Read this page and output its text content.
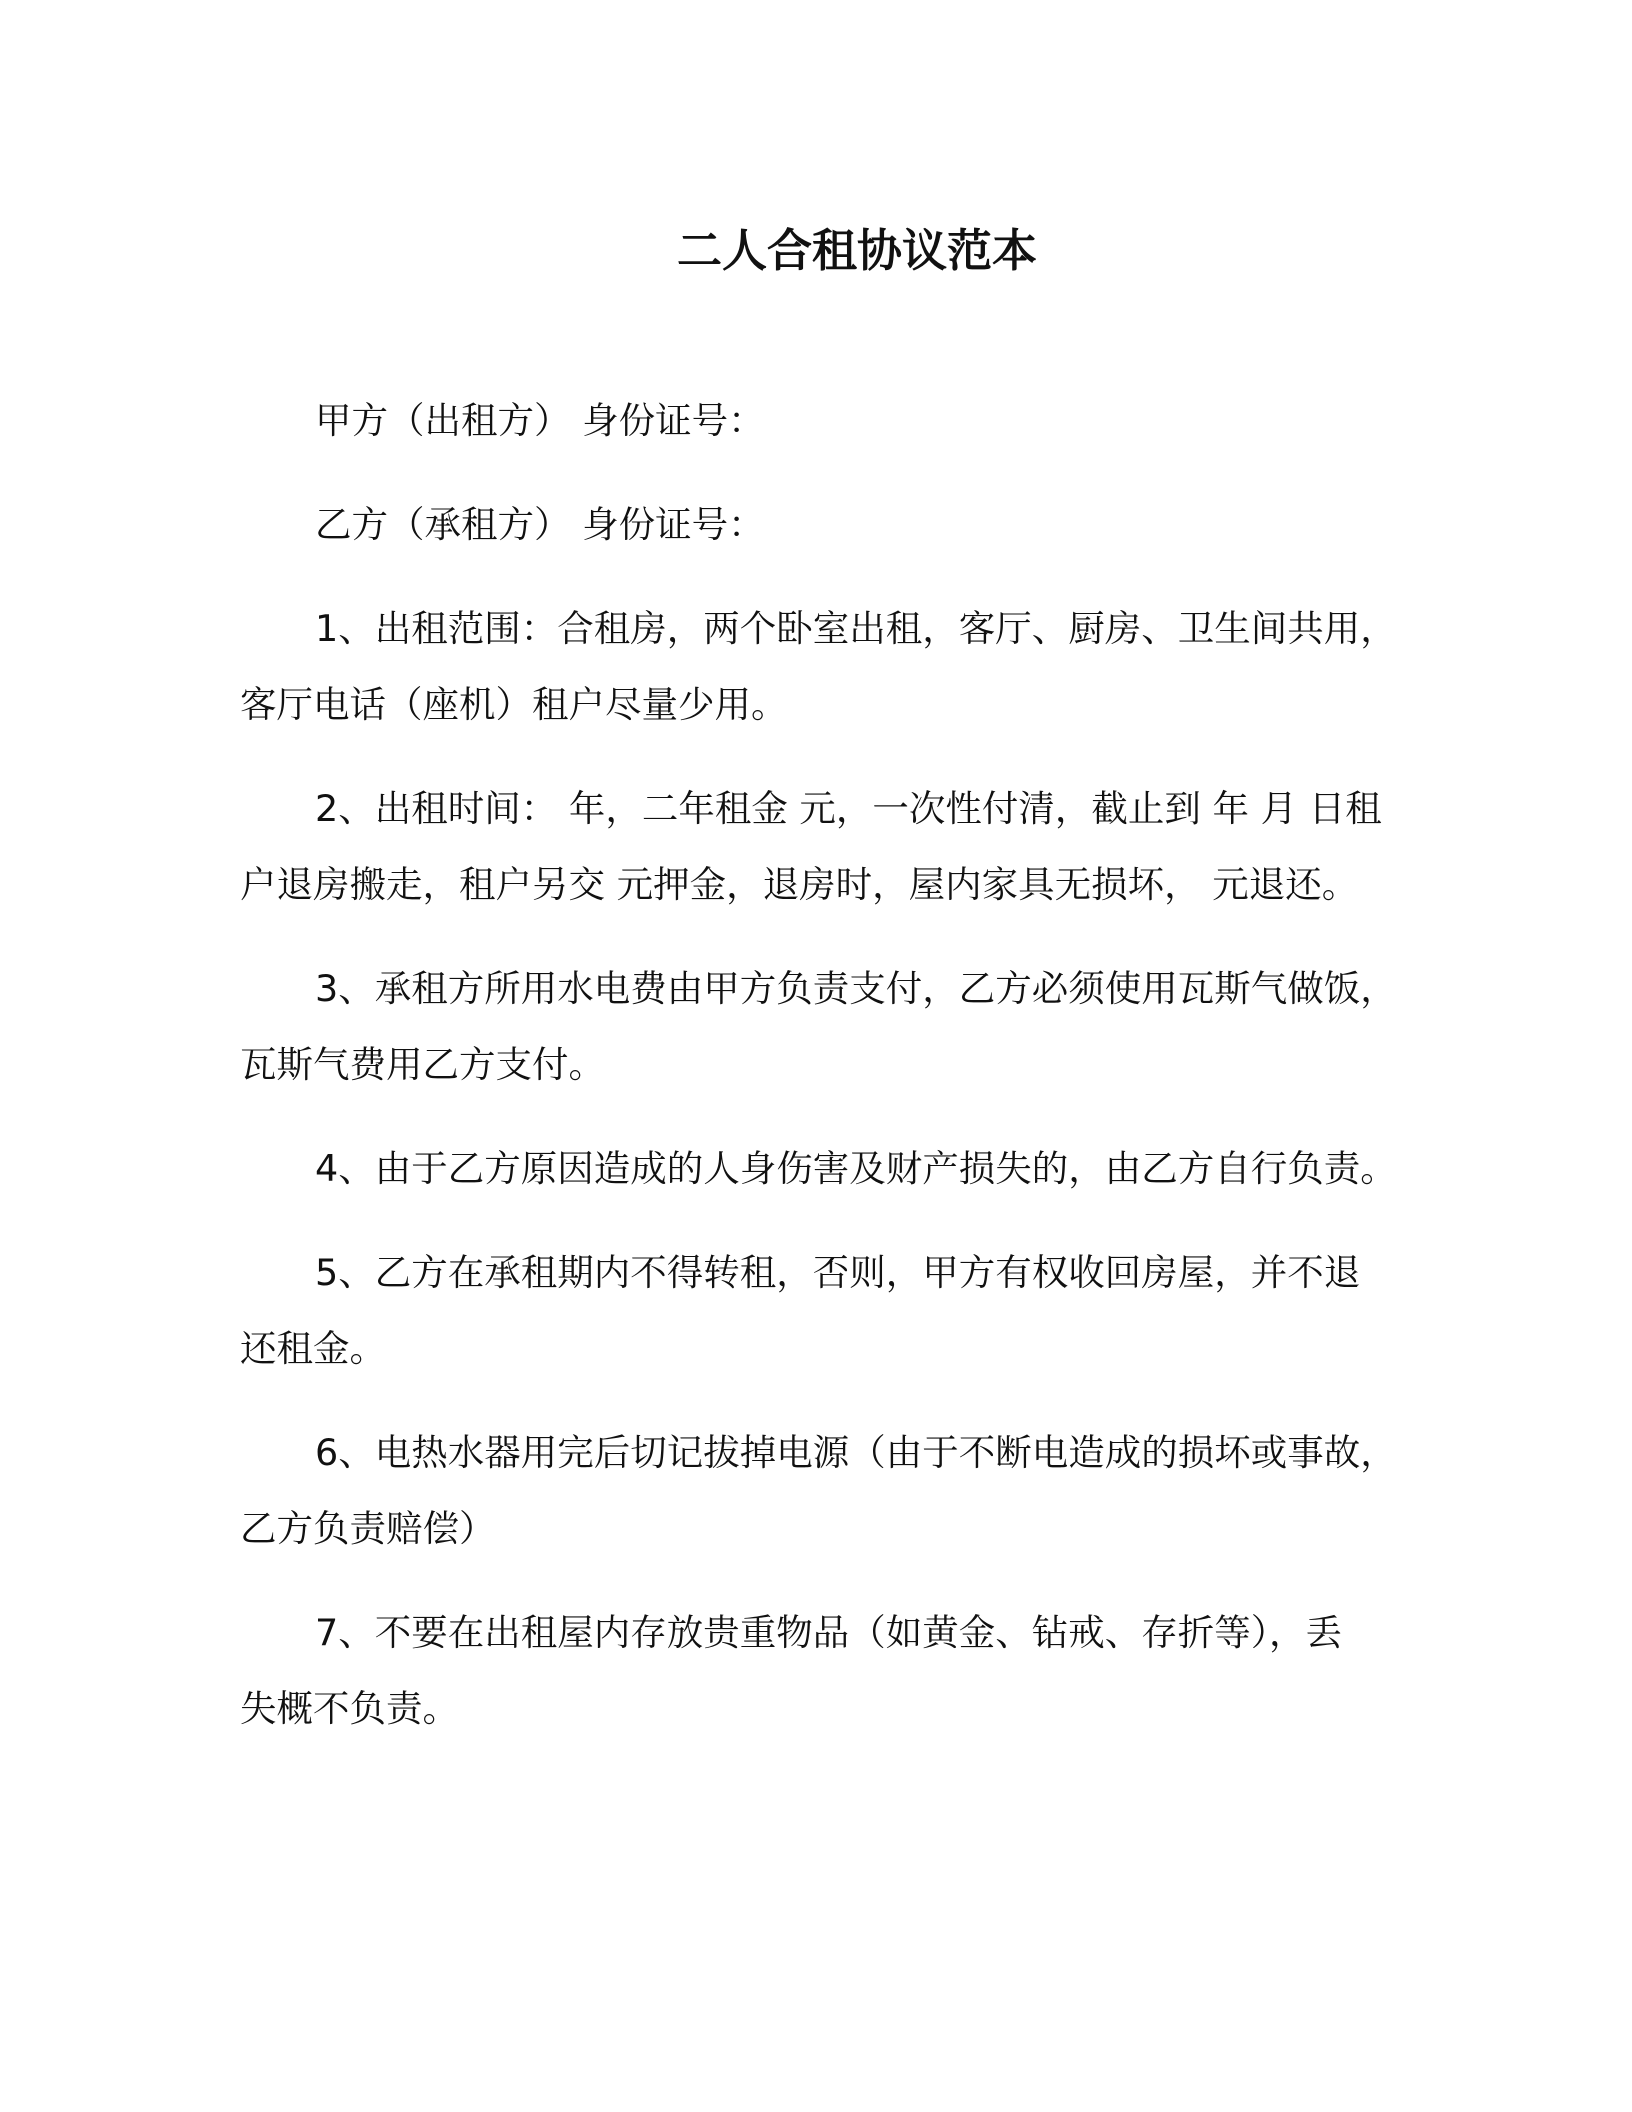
二人合租协议范本
甲方（出租方） 身份证号：
乙方（承租方） 身份证号：
1、出租范围：合租房，两个卧室出租，客厅、厨房、卫生间共用，
客厅电话（座机）租户尽量少用。
2、出租时间： 年，二年租金 元，一次性付清，截止到 年 月 日租
户退房搬走，租户另交 元押金，退房时，屋内家具无损坏， 元退还。
3、承租方所用水电费由甲方负责支付，乙方必须使用瓦斯气做饭，
瓦斯气费用乙方支付。
4、由于乙方原因造成的人身伤害及财产损失的，由乙方自行负责。
5、乙方在承租期内不得转租，否则，甲方有权收回房屋，并不退
还租金。
6、电热水器用完后切记拔掉电源（由于不断电造成的损坏或事故，
乙方负责赔偿）
7、不要在出租屋内存放贵重物品（如黄金、钻戒、存折等），丢
失概不负责。
